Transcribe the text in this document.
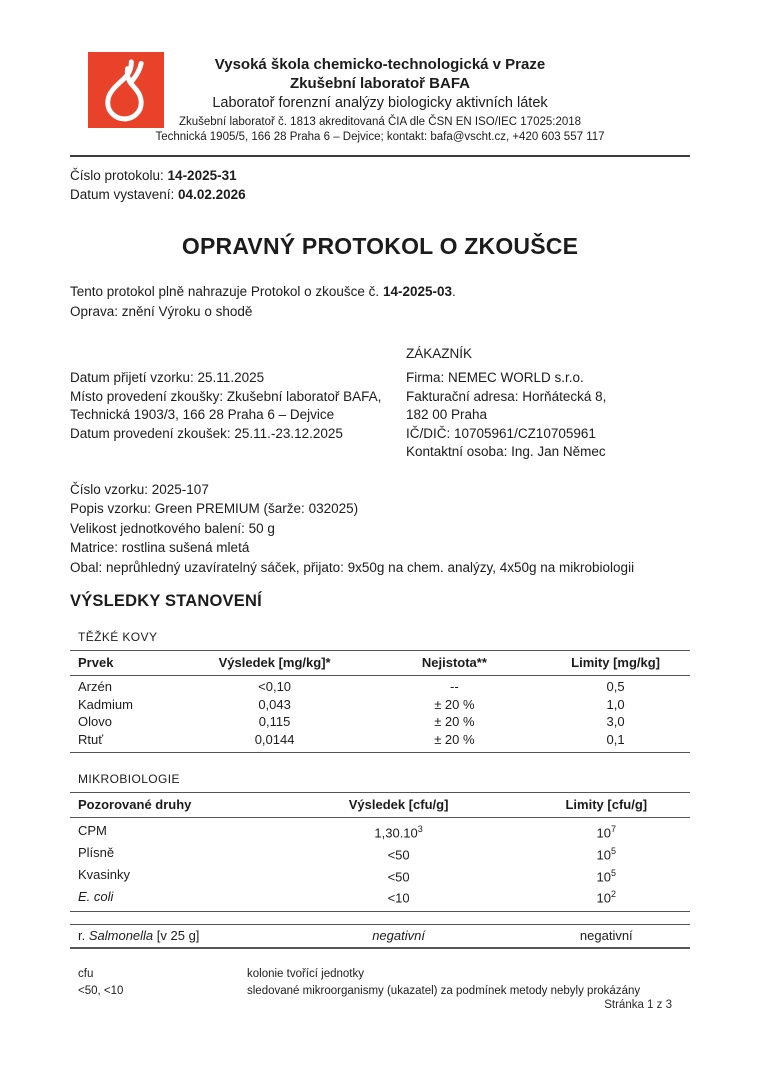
Vysoká škola chemicko-technologická v Praze
Zkušební laboratoř BAFA
Laboratoř forenzní analýzy biologicky aktivních látek
Zkušební laboratoř č. 1813 akreditovaná ČIA dle ČSN EN ISO/IEC 17025:2018
Technická 1905/5, 166 28 Praha 6 – Dejvice; kontakt: bafa@vscht.cz, +420 603 557 117
Číslo protokolu: 14-2025-31
Datum vystavení: 04.02.2026
OPRAVNÝ PROTOKOL O ZKOUŠCE
Tento protokol plně nahrazuje Protokol o zkoušce č. 14-2025-03.
Oprava: znění Výroku o shodě
Datum přijetí vzorku: 25.11.2025
Místo provedení zkoušky: Zkušební laboratoř BAFA,
Technická 1903/3, 166 28 Praha 6 – Dejvice
Datum provedení zkoušek: 25.11.-23.12.2025
ZÁKAZNÍK
Firma: NEMEC WORLD s.r.o.
Fakturační adresa: Horňátecká 8,
182 00 Praha
IČ/DIČ: 10705961/CZ10705961
Kontaktní osoba: Ing. Jan Němec
Číslo vzorku: 2025-107
Popis vzorku: Green PREMIUM (šarže: 032025)
Velikost jednotkového balení: 50 g
Matrice: rostlina sušená mletá
Obal: neprůhledný uzavíratelný sáček, přijato: 9x50g na chem. analýzy, 4x50g na mikrobiologii
VÝSLEDKY STANOVENÍ
TĚŽKÉ KOVY
Prvek	Výsledek [mg/kg]*	Nejistota**	Limity [mg/kg]
Arzén	<0,10	--	0,5
Kadmium	0,043	± 20 %	1,0
Olovo	0,115	± 20 %	3,0
Rtuť	0,0144	± 20 %	0,1
MIKROBIOLOGIE
Pozorované druhy	Výsledek [cfu/g]	Limity [cfu/g]
CPM	1,30.10$^3$	$10^7$
Plísně	<50	$10^5$
Kvasinky	<50	$10^5$
E. coli	<10	$10^2$
r. Salmonella [v 25 g]	negativní	negativní
cfu	kolonie tvořící jednotky
<50, <10	sledované mikroorganismy (ukazatel) za podmínek metody nebyly prokázány
Stránka 1 z 3
